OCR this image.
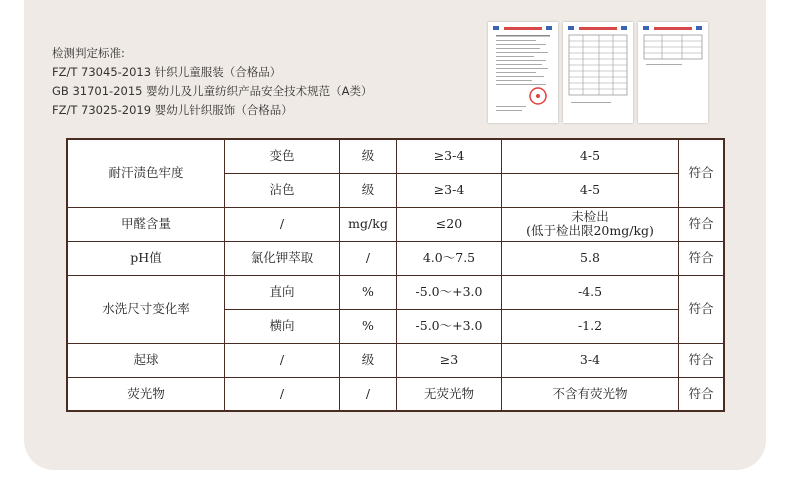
检测判定标准:
FZ/T 73045-2013 针织儿童服装（合格品）
GB 31701-2015 婴幼儿及儿童纺织产品安全技术规范（A类）
FZ/T 73025-2019 婴幼儿针织服饰（合格品）
耐汗渍色牢度	变色	级	≥3-4	4-5	符合
	沾色	级	≥3-4	4-5	
甲醛含量	/	mg/kg	≤20	未检出
(低于检出限20mg/kg)	符合
pH值	氯化钾萃取	/	4.0～7.5	5.8	符合
水洗尺寸变化率	直向	%	-5.0～+3.0	-4.5	符合
	横向	%	-5.0～+3.0	-1.2	
起球	/	级	≥3	3-4	符合
荧光物	/	/	无荧光物	不含有荧光物	符合
